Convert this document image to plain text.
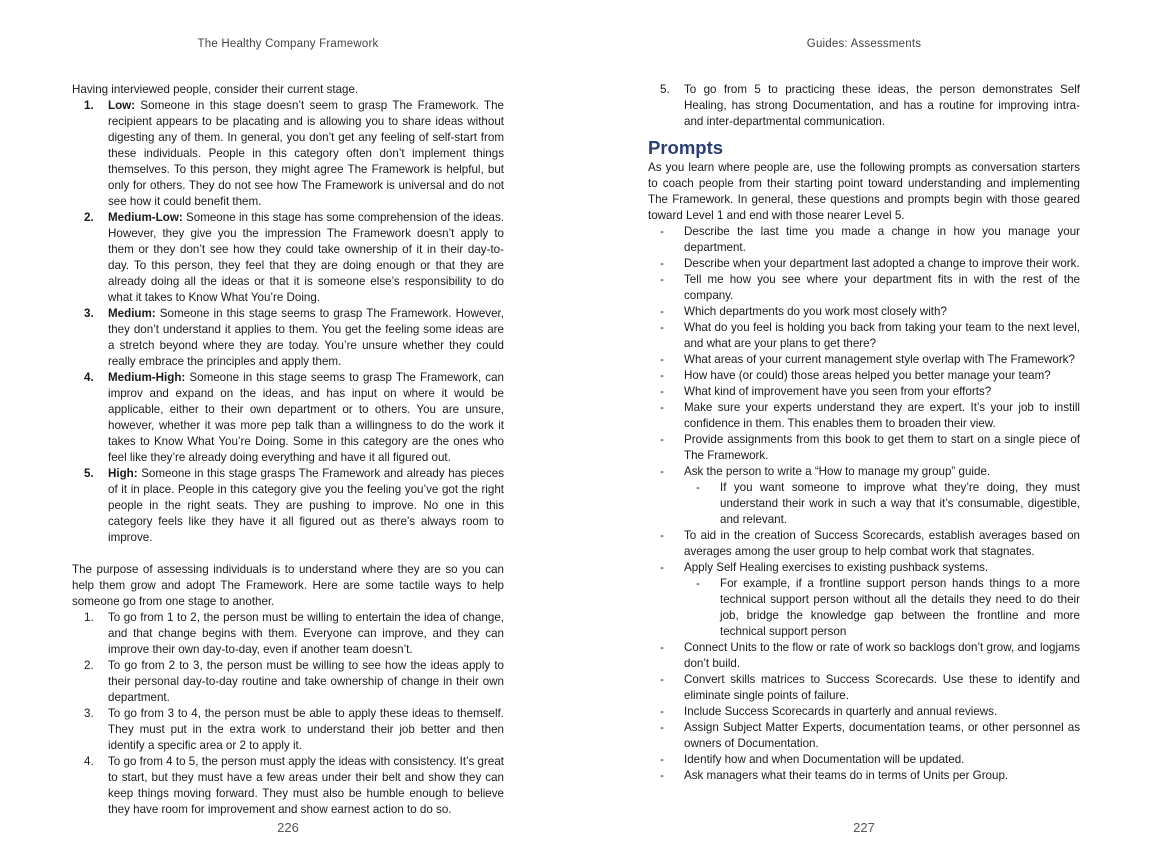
The Healthy Company Framework

Having interviewed people, consider their current stage.

1. Low: Someone in this stage doesn’t seem to grasp The Framework. The recipient appears to be placating and is allowing you to share ideas without digesting any of them. In general, you don’t get any feeling of self-start from these individuals. People in this category often don’t implement things themselves. To this person, they might agree The Framework is helpful, but only for others. They do not see how The Framework is universal and do not see how it could benefit them.
2. Medium-Low: Someone in this stage has some comprehension of the ideas. However, they give you the impression The Framework doesn’t apply to them or they don’t see how they could take ownership of it in their day-to-day. To this person, they feel that they are doing enough or that they are already doing all the ideas or that it is someone else’s responsibility to do what it takes to Know What You’re Doing.
3. Medium: Someone in this stage seems to grasp The Framework. However, they don’t understand it applies to them. You get the feeling some ideas are a stretch beyond where they are today. You’re unsure whether they could really embrace the principles and apply them.
4. Medium-High: Someone in this stage seems to grasp The Framework, can improv and expand on the ideas, and has input on where it would be applicable, either to their own department or to others. You are unsure, however, whether it was more pep talk than a willingness to do the work it takes to Know What You’re Doing. Some in this category are the ones who feel like they’re already doing everything and have it all figured out.
5. High: Someone in this stage grasps The Framework and already has pieces of it in place. People in this category give you the feeling you’ve got the right people in the right seats. They are pushing to improve. No one in this category feels like they have it all figured out as there’s always room to improve.

The purpose of assessing individuals is to understand where they are so you can help them grow and adopt The Framework. Here are some tactile ways to help someone go from one stage to another.

1. To go from 1 to 2, the person must be willing to entertain the idea of change, and that change begins with them. Everyone can improve, and they can improve their own day-to-day, even if another team doesn’t.
2. To go from 2 to 3, the person must be willing to see how the ideas apply to their personal day-to-day routine and take ownership of change in their own department.
3. To go from 3 to 4, the person must be able to apply these ideas to themself. They must put in the extra work to understand their job better and then identify a specific area or 2 to apply it.
4. To go from 4 to 5, the person must apply the ideas with consistency. It’s great to start, but they must have a few areas under their belt and show they can keep things moving forward. They must also be humble enough to believe they have room for improvement and show earnest action to do so.
226
Guides: Assessments
5. To go from 5 to practicing these ideas, the person demonstrates Self Healing, has strong Documentation, and has a routine for improving intra- and inter-departmental communication.
Prompts

As you learn where people are, use the following prompts as conversation starters to coach people from their starting point toward understanding and implementing The Framework. In general, these questions and prompts begin with those geared toward Level 1 and end with those nearer Level 5.

- Describe the last time you made a change in how you manage your department.
- Describe when your department last adopted a change to improve their work.
- Tell me how you see where your department fits in with the rest of the company.
- Which departments do you work most closely with?
- What do you feel is holding you back from taking your team to the next level, and what are your plans to get there?
- What areas of your current management style overlap with The Framework?
- How have (or could) those areas helped you better manage your team?
- What kind of improvement have you seen from your efforts?
- Make sure your experts understand they are expert. It’s your job to instill confidence in them. This enables them to broaden their view.
- Provide assignments from this book to get them to start on a single piece of The Framework.
- Ask the person to write a “How to manage my group” guide.
- If you want someone to improve what they’re doing, they must understand their work in such a way that it’s consumable, digestible, and relevant.
- To aid in the creation of Success Scorecards, establish averages based on averages among the user group to help combat work that stagnates.
- Apply Self Healing exercises to existing pushback systems.
- For example, if a frontline support person hands things to a more technical support person without all the details they need to do their job, bridge the knowledge gap between the frontline and more technical support person
- Connect Units to the flow or rate of work so backlogs don’t grow, and logjams don’t build.
- Convert skills matrices to Success Scorecards. Use these to identify and eliminate single points of failure.
- Include Success Scorecards in quarterly and annual reviews.
- Assign Subject Matter Experts, documentation teams, or other personnel as owners of Documentation.
- Identify how and when Documentation will be updated.
- Ask managers what their teams do in terms of Units per Group.
227
